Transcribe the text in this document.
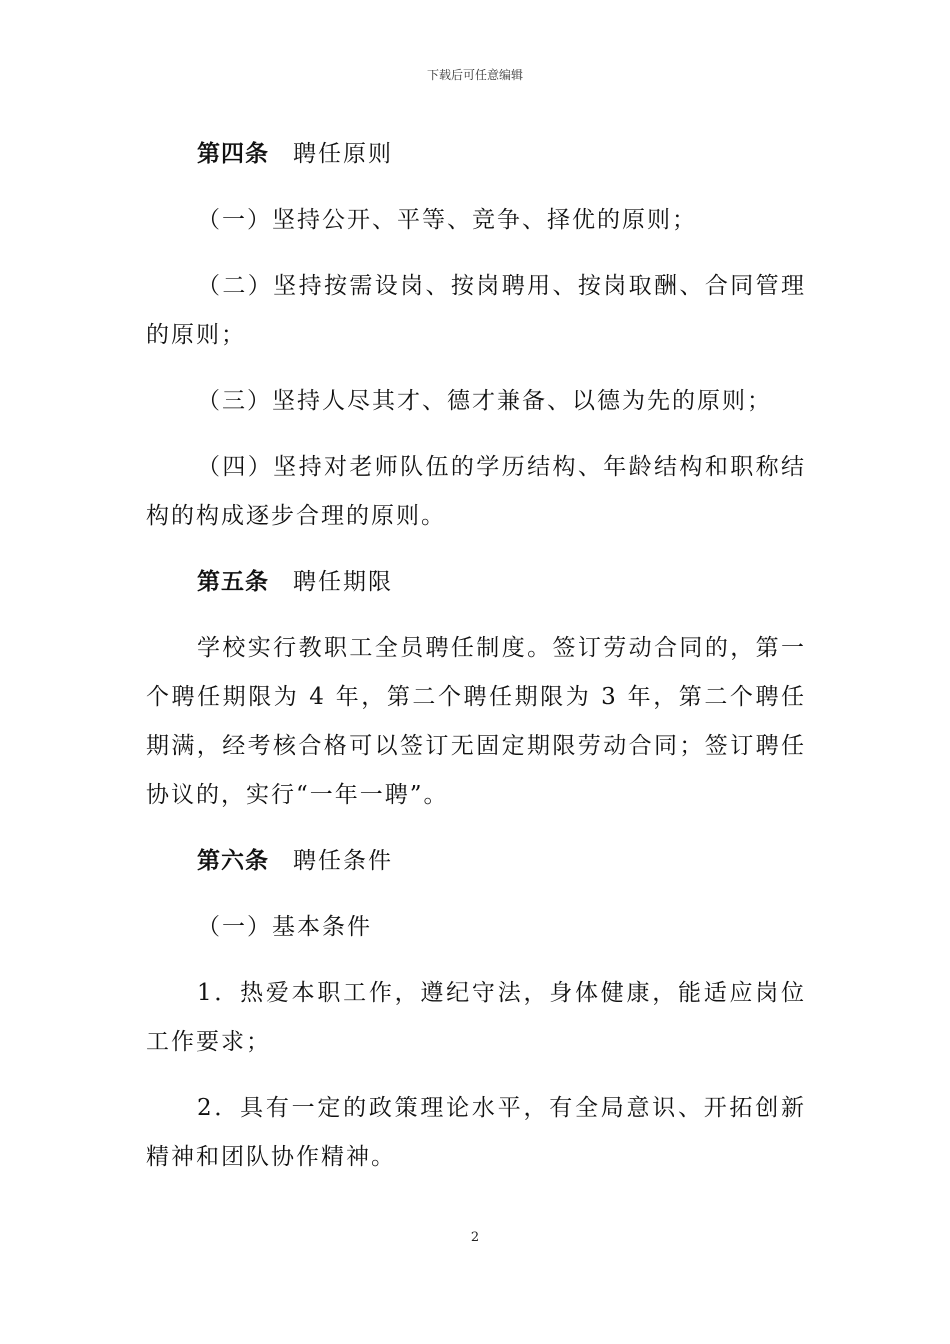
下载后可任意编辑
第四条 聘任原则

（一）坚持公开、平等、竞争、择优的原则；

（二）坚持按需设岗、按岗聘用、按岗取酬、合同管理的原则；

（三）坚持人尽其才、德才兼备、以德为先的原则；

（四）坚持对老师队伍的学历结构、年龄结构和职称结构的构成逐步合理的原则。

第五条 聘任期限

学校实行教职工全员聘任制度。签订劳动合同的，第一个聘任期限为 4 年，第二个聘任期限为 3 年，第二个聘任期满，经考核合格可以签订无固定期限劳动合同；签订聘任协议的，实行“一年一聘”。

第六条 聘任条件

（一）基本条件

1．热爱本职工作，遵纪守法，身体健康，能适应岗位工作要求；

2．具有一定的政策理论水平，有全局意识、开拓创新精神和团队协作精神。

2
